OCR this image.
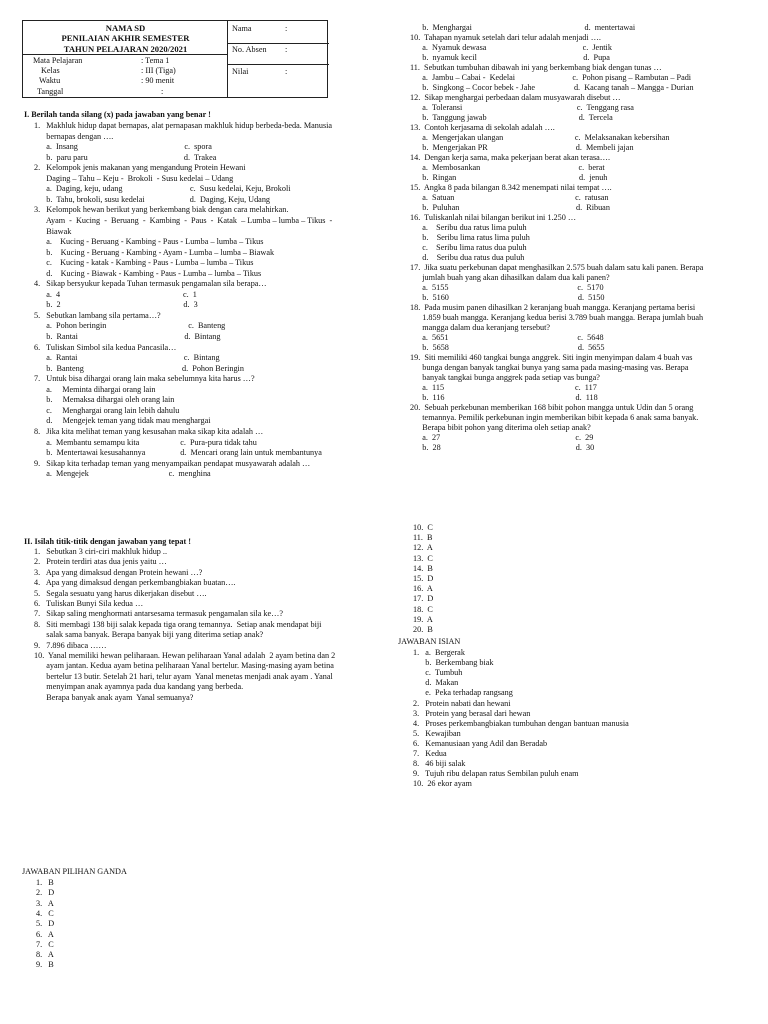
NAMA SD
PENILAIAN AKHIR SEMESTER
TAHUN PELAJARAN 2020/2021
Mata Pelajaran	: Tema 1
Kelas	: III (Tiga)
Waktu	: 90 menit
Tanggal	:
Nama	:
No. Absen :
Nilai	:
I. Berilah tanda silang (x) pada jawaban yang benar !
1.   Makhluk hidup dapat bernapas, alat pernapasan makhluk hidup berbeda-beda. Manusia
bernapas dengan ….
a.  Insang                                                    c.  spora
b.  paru paru                                               d.  Trakea
2.   Kelompok jenis makanan yang mengandung Protein Hewani
Daging – Tahu – Keju -  Brokoli  - Susu kedelai – Udang
a.  Daging, keju, udang                                 c.  Susu kedelai, Keju, Brokoli
b.  Tahu, brokoli, susu kedelai                      d.  Daging, Keju, Udang
3.   Kelompok hewan berikut yang berkembang biak dengan cara melahirkan.
Ayam  -  Kucing  -  Beruang  -  Kambing  -  Paus  -  Katak  – Lumba – lumba – Tikus  -
Biawak
a.    Kucing - Beruang - Kambing - Paus - Lumba – lumba – Tikus
b.    Kucing - Beruang - Kambing - Ayam - Lumba – lumba – Biawak
c.    Kucing - katak - Kambing - Paus - Lumba – lumba – Tikus
d.    Kucing - Biawak - Kambing - Paus - Lumba – lumba – Tikus
4.   Sikap bersyukur kepada Tuhan termasuk pengamalan sila berapa…
a.  4                                                            c.  1
b.  2                                                            d.  3
5.   Sebutkan lambang sila pertama…?
a.  Pohon beringin                                        c.  Banteng
b.  Rantai                                                    d.  Bintang
6.   Tuliskan Simbol sila kedua Pancasila…
a.  Rantai                                                    c.  Bintang
b.  Banteng                                                d.  Pohon Beringin
7.   Untuk bisa dihargai orang lain maka sebelumnya kita harus …?
a.     Meminta dihargai orang lain
b.     Memaksa dihargai oleh orang lain
c.     Menghargai orang lain lebih dahulu
d.     Mengejek teman yang tidak mau menghargai
8.   Jika kita melihat teman yang kesusahan maka sikap kita adalah …
a.  Membantu semampu kita                    c.  Pura-pura tidak tahu
b.  Mentertawai kesusahannya                 d.  Mencari orang lain untuk membantunya
9.   Sikap kita terhadap teman yang menyampaikan pendapat musyawarah adalah …
a.  Mengejek                                       c.  menghina
b.  Menghargai                                                       d.  mentertawai
10.  Tahapan nyamuk setelah dari telur adalah menjadi ….
a.  Nyamuk dewasa                                               c.  Jentik
b.  nyamuk kecil                                                    d.  Pupa
11.  Sebutkan tumbuhan dibawah ini yang berkembang biak dengan tunas …
a.  Jambu – Cabai -  Kedelai                            c.  Pohon pisang – Rambutan – Padi
b.  Singkong – Cocor bebek - Jahe                   d.  Kacang tanah – Mangga - Durian
12.  Sikap menghargai perbedaan dalam musyawarah disebut …
a.  Toleransi                                                        c.  Tenggang rasa
b.  Tanggung jawab                                             d.  Tercela
13.  Contoh kerjasama di sekolah adalah ….
a.  Mengerjakan ulangan                                   c.  Melaksanakan kebersihan
b.  Mengerjakan PR                                           d.  Membeli jajan
14.  Dengan kerja sama, maka pekerjaan berat akan terasa….
a.  Membosankan                                                c.  berat
b.  Ringan                                                            d.  jenuh
15.  Angka 8 pada bilangan 8.342 menempati nilai tempat ….
a.  Satuan                                                           c.  ratusan
b.  Puluhan                                                         d.  Ribuan
16.  Tuliskanlah nilai bilangan berikut ini 1.250 …
a.    Seribu dua ratus lima puluh
b.    Seribu lima ratus lima puluh
c.    Seribu lima ratus dua puluh
d.    Seribu dua ratus dua puluh
17.  Jika suatu perkebunan dapat menghasilkan 2.575 buah dalam satu kali panen. Berapa
jumlah buah yang akan dihasilkan dalam dua kali panen?
a.  5155                                                               c.  5170
b.  5160                                                               d.  5150
18.  Pada musim panen dihasilkan 2 keranjang buah mangga. Keranjang pertama berisi
1.859 buah mangga. Keranjang kedua berisi 3.789 buah mangga. Berapa jumlah buah
mangga dalam dua keranjang tersebut?
a.  5651                                                               c.  5648
b.  5658                                                               d.  5655
19.  Siti memiliki 460 tangkai bunga anggrek. Siti ingin menyimpan dalam 4 buah vas
bunga dengan banyak tangkai bunya yang sama pada masing-masing vas. Berapa
banyak tangkai bunga anggrek pada setiap vas bunga?
a.  115                                                                c.  117
b.  116                                                                d.  118
20.  Sebuah perkebunan memberikan 168 bibit pohon mangga untuk Udin dan 5 orang
temannya. Pemilik perkebunan ingin memberikan bibit kepada 6 anak sama banyak.
Berapa bibit pohon yang diterima oleh setiap anak?
a.  27                                                                  c.  29
b.  28                                                                  d.  30
II. Isilah titik-titik dengan jawaban yang tepat !
1.   Sebutkan 3 ciri-ciri makhluk hidup ..
2.   Protein terdiri atas dua jenis yaitu …
3.   Apa yang dimaksud dengan Protein hewani …?
4.   Apa yang dimaksud dengan perkembangbiakan buatan….
5.   Segala sesuatu yang harus dikerjakan disebut ….
6.   Tuliskan Bunyi Sila kedua …
7.   Sikap saling menghormati antarsesama termasuk pengamalan sila ke…?
8.   Siti membagi 138 biji salak kepada tiga orang temannya.  Setiap anak mendapat biji
salak sama banyak. Berapa banyak biji yang diterima setiap anak?
9.   7.896 dibaca ……
10.  Yanal memiliki hewan peliharaan. Hewan peliharaan Yanal adalah  2 ayam betina dan 2
ayam jantan. Kedua ayam betina peliharaan Yanal bertelur. Masing-masing ayam betina
bertelur 13 butir. Setelah 21 hari, telur ayam  Yanal menetas menjadi anak ayam . Yanal
menyimpan anak ayamnya pada dua kandang yang berbeda.
Berapa banyak anak ayam  Yanal semuanya?
10.  C
11.  B
12.  A
13.  C
14.  B
15.  D
16.  A
17.  D
18.  C
19.  A
20.  B
JAWABAN ISIAN
1.   a.  Bergerak
b.  Berkembang biak
c.  Tumbuh
d.  Makan
e.  Peka terhadap rangsang
2.   Protein nabati dan hewani
3.   Protein yang berasal dari hewan
4.   Proses perkembangbiakan tumbuhan dengan bantuan manusia
5.   Kewajiban
6.   Kemanusiaan yang Adil dan Beradab
7.   Kedua
8.   46 biji salak
9.   Tujuh ribu delapan ratus Sembilan puluh enam
10.  26 ekor ayam
JAWABAN PILIHAN GANDA
1.   B
2.   D
3.   A
4.   C
5.   D
6.   A
7.   C
8.   A
9.   B
